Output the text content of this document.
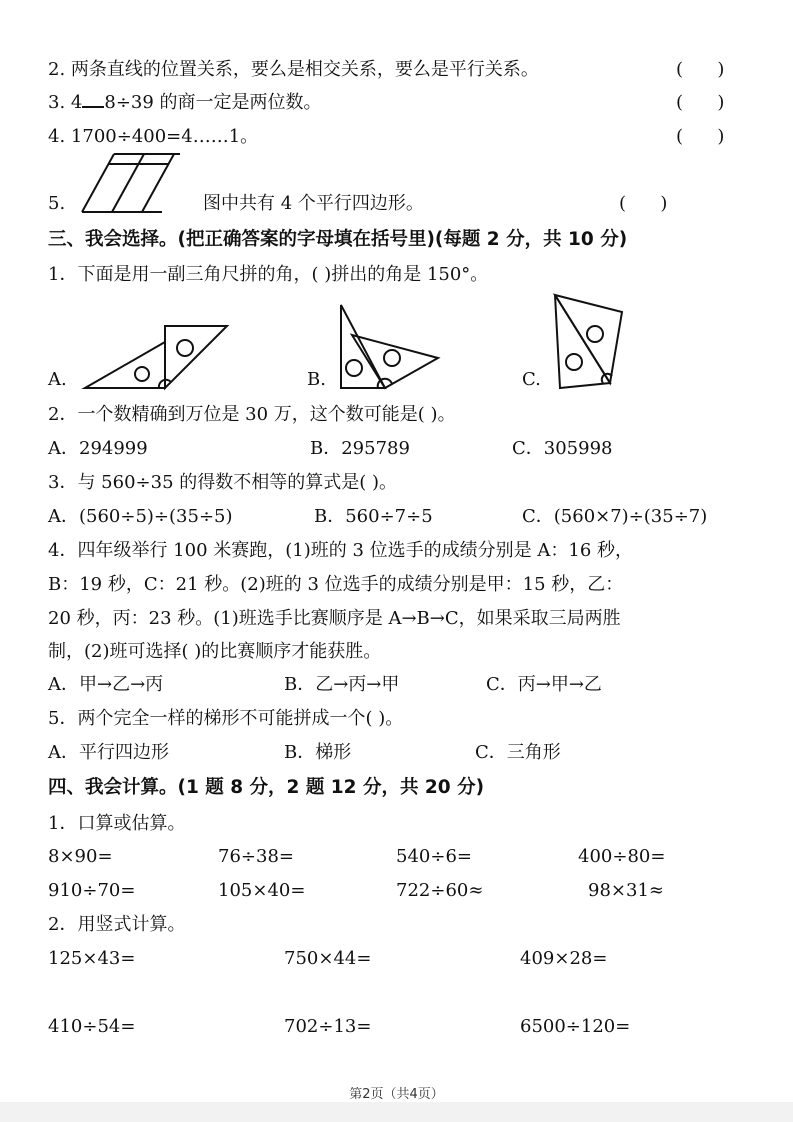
2. 两条直线的位置关系，要么是相交关系，要么是平行关系。	(      )
3. 4 8÷39 的商一定是两位数。	(      )
4. 1700÷400=4……1。	(      )
5.	图中共有 4 个平行四边形。	(      )
三、我会选择。(把正确答案的字母填在括号里)(每题 2 分，共 10 分)
1．下面是用一副三角尺拼的角，( )拼出的角是 150°。
A.	B.	C.
2．一个数精确到万位是 30 万，这个数可能是( )。
A．294999	B．295789	C．305998
3．与 560÷35 的得数不相等的算式是( )。
A．(560÷5)÷(35÷5)	B．560÷7÷5	C．(560×7)÷(35÷7)
4．四年级举行 100 米赛跑，(1)班的 3 位选手的成绩分别是 A：16 秒，
B：19 秒，C：21 秒。(2)班的 3 位选手的成绩分别是甲：15 秒，乙：
20 秒，丙：23 秒。(1)班选手比赛顺序是 A→B→C，如果采取三局两胜
制，(2)班可选择( )的比赛顺序才能获胜。
A．甲→乙→丙	B．乙→丙→甲	C．丙→甲→乙
5．两个完全一样的梯形不可能拼成一个( )。
A．平行四边形	B．梯形	C．三角形
四、我会计算。(1 题 8 分，2 题 12 分，共 20 分)
1．口算或估算。
8×90=	76÷38=	540÷6=	400÷80=
910÷70=	105×40=	722÷60≈	98×31≈
2．用竖式计算。
125×43=	750×44=	409×28=
410÷54=	702÷13=	6500÷120=
第2页（共4页）
